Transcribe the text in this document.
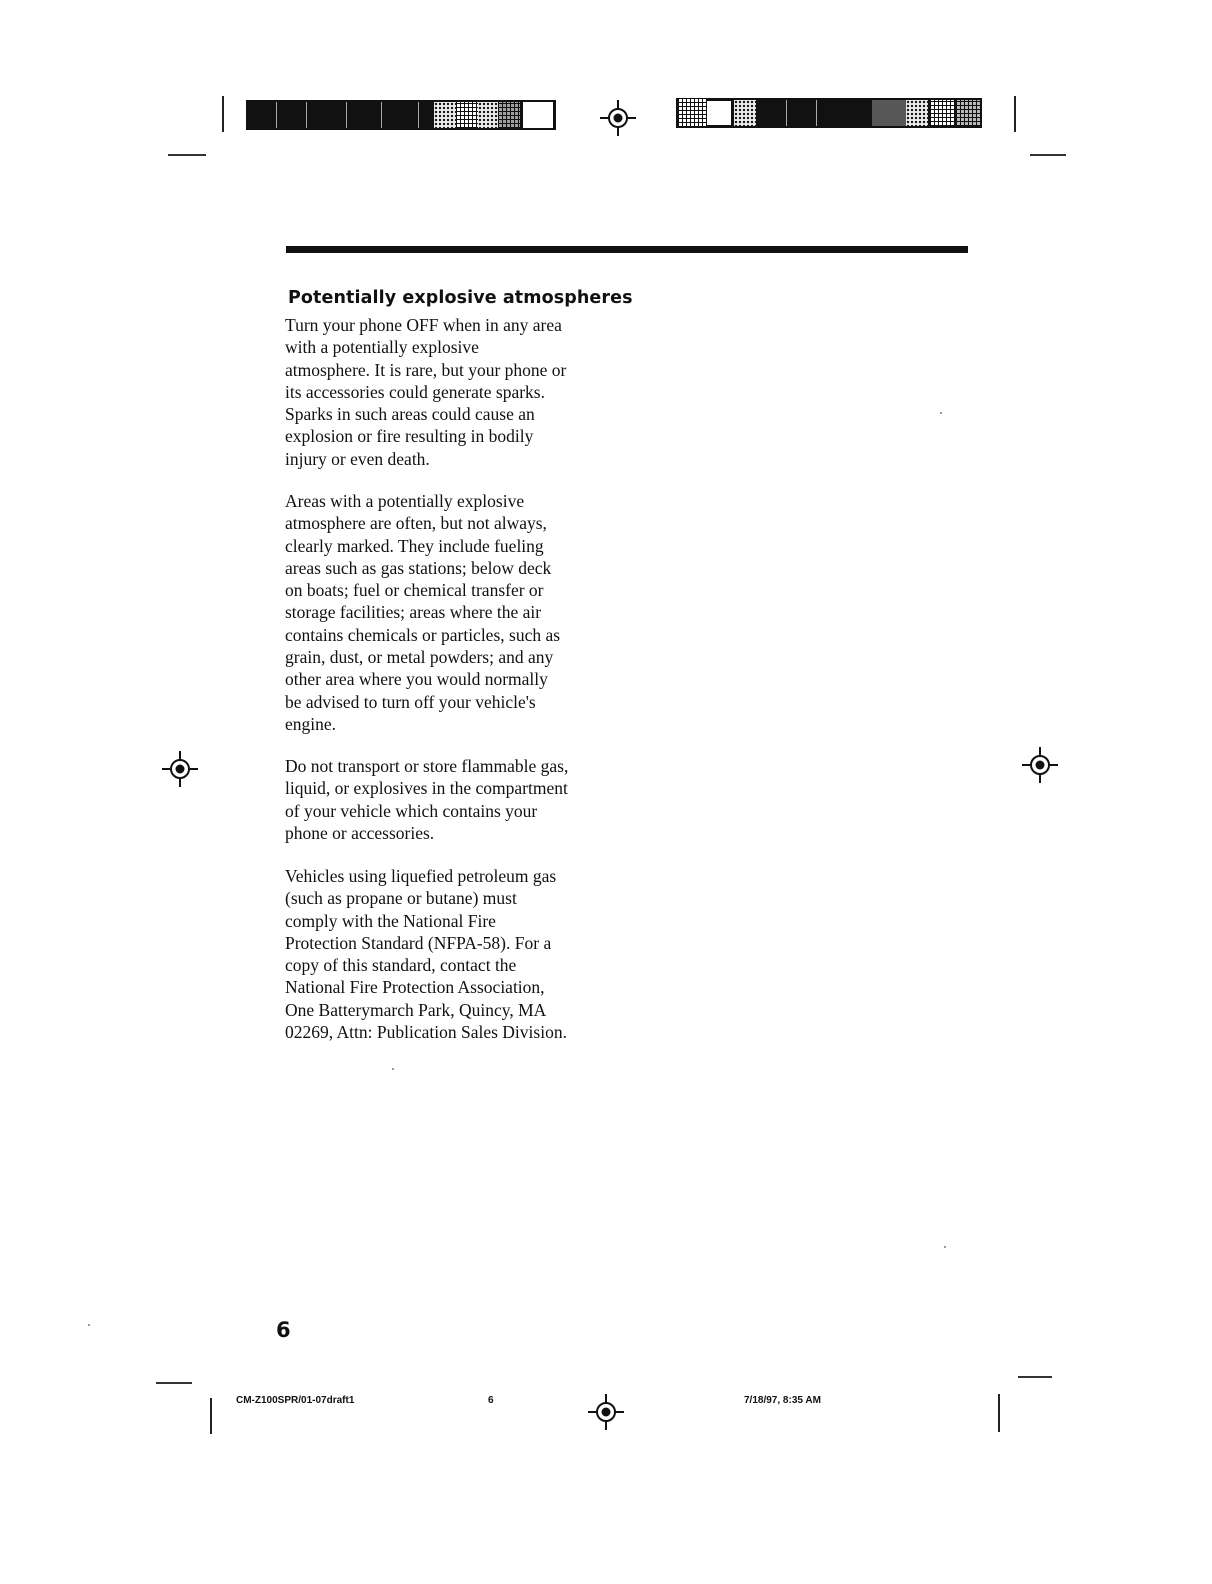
Potentially explosive atmospheres
Turn your phone OFF when in any area
with a potentially explosive
atmosphere. It is rare, but your phone or
its accessories could generate sparks.
Sparks in such areas could cause an
explosion or fire resulting in bodily
injury or even death.
Areas with a potentially explosive
atmosphere are often, but not always,
clearly marked. They include fueling
areas such as gas stations; below deck
on boats; fuel or chemical transfer or
storage facilities; areas where the air
contains chemicals or particles, such as
grain, dust, or metal powders; and any
other area where you would normally
be advised to turn off your vehicle's
engine.
Do not transport or store flammable gas,
liquid, or explosives in the compartment
of your vehicle which contains your
phone or accessories.
Vehicles using liquefied petroleum gas
(such as propane or butane) must
comply with the National Fire
Protection Standard (NFPA-58). For a
copy of this standard, contact the
National Fire Protection Association,
One Batterymarch Park, Quincy, MA
02269, Attn: Publication Sales Division.
6
CM-Z100SPR/01-07draft1	6	7/18/97, 8:35 AM
